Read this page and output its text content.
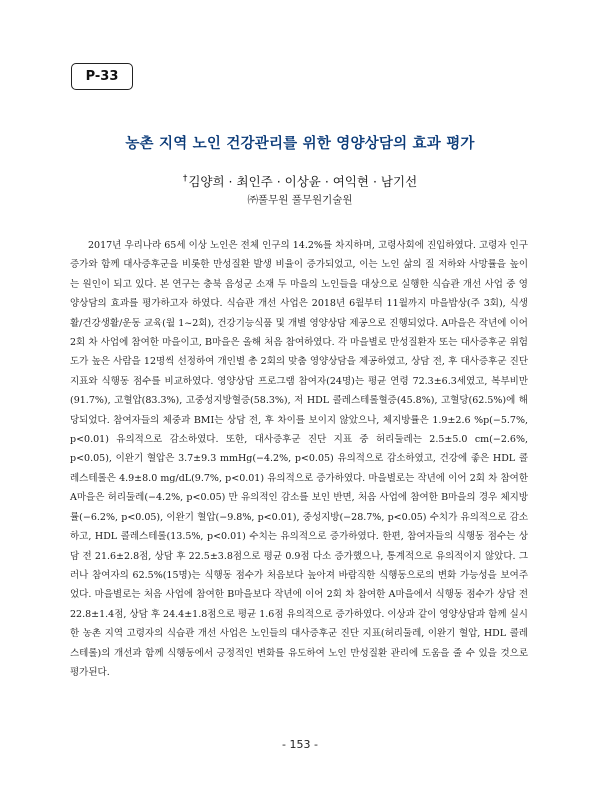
P-33
농촌 지역 노인 건강관리를 위한 영양상담의 효과 평가
†김양희 · 최인주 · 이상윤 · 여익현 · 남기선
㈜풀무원 풀무원기술원

2017년 우리나라 65세 이상 노인은 전체 인구의 14.2%를 차지하며, 고령사회에 진입하였다. 고령자 인구 증가와 함께 대사증후군을 비롯한 만성질환 발생 비율이 증가되었고, 이는 노인 삶의 질 저하와 사망률을 높이는 원인이 되고 있다. 본 연구는 충북 음성군 소재 두 마을의 노인들을 대상으로 실행한 식습관 개선 사업 중 영양상담의 효과를 평가하고자 하였다. 식습관 개선 사업은 2018년 6월부터 11월까지 마을밥상(주 3회), 식생활/건강생활/운동 교육(월 1~2회), 건강기능식품 및 개별 영양상담 제공으로 진행되었다. A마을은 작년에 이어 2회 차 사업에 참여한 마을이고, B마을은 올해 처음 참여하였다. 각 마을별로 만성질환자 또는 대사증후군 위험도가 높은 사람을 12명씩 선정하여 개인별 총 2회의 맞춤 영양상담을 제공하였고, 상담 전, 후 대사증후군 진단 지표와 식행동 점수를 비교하였다. 영양상담 프로그램 참여자(24명)는 평균 연령 72.3±6.3세였고, 복부비만(91.7%), 고혈압(83.3%), 고중성지방혈증(58.3%), 저 HDL 콜레스테롤혈증(45.8%), 고혈당(62.5%)에 해당되었다. 참여자들의 체중과 BMI는 상담 전, 후 차이를 보이지 않았으나, 체지방률은 1.9±2.6 %p(−5.7%, p<0.01) 유의적으로 감소하였다. 또한, 대사증후군 진단 지표 중 허리둘레는 2.5±5.0 cm(−2.6%, p<0.05), 이완기 혈압은 3.7±9.3 mmHg(−4.2%, p<0.05) 유의적으로 감소하였고, 건강에 좋은 HDL 콜레스테롤은 4.9±8.0 mg/dL(9.7%, p<0.01) 유의적으로 증가하였다. 마을별로는 작년에 이어 2회 차 참여한 A마을은 허리둘레(−4.2%, p<0.05) 만 유의적인 감소를 보인 반면, 처음 사업에 참여한 B마을의 경우 체지방률(−6.2%, p<0.05), 이완기 혈압(−9.8%, p<0.01), 중성지방(−28.7%, p<0.05) 수치가 유의적으로 감소하고, HDL 콜레스테롤(13.5%, p<0.01) 수치는 유의적으로 증가하였다. 한편, 참여자들의 식행동 점수는 상담 전 21.6±2.8점, 상담 후 22.5±3.8점으로 평균 0.9점 다소 증가했으나, 통계적으로 유의적이지 않았다. 그러나 참여자의 62.5%(15명)는 식행동 점수가 처음보다 높아져 바람직한 식행동으로의 변화 가능성을 보여주었다. 마을별로는 처음 사업에 참여한 B마을보다 작년에 이어 2회 차 참여한 A마을에서 식행동 점수가 상담 전 22.8±1.4점, 상담 후 24.4±1.8점으로 평균 1.6점 유의적으로 증가하였다. 이상과 같이 영양상담과 함께 실시한 농촌 지역 고령자의 식습관 개선 사업은 노인들의 대사증후군 진단 지표(허리둘레, 이완기 혈압, HDL 콜레스테롤)의 개선과 함께 식행동에서 긍정적인 변화를 유도하여 노인 만성질환 관리에 도움을 줄 수 있을 것으로 평가된다.

- 153 -
